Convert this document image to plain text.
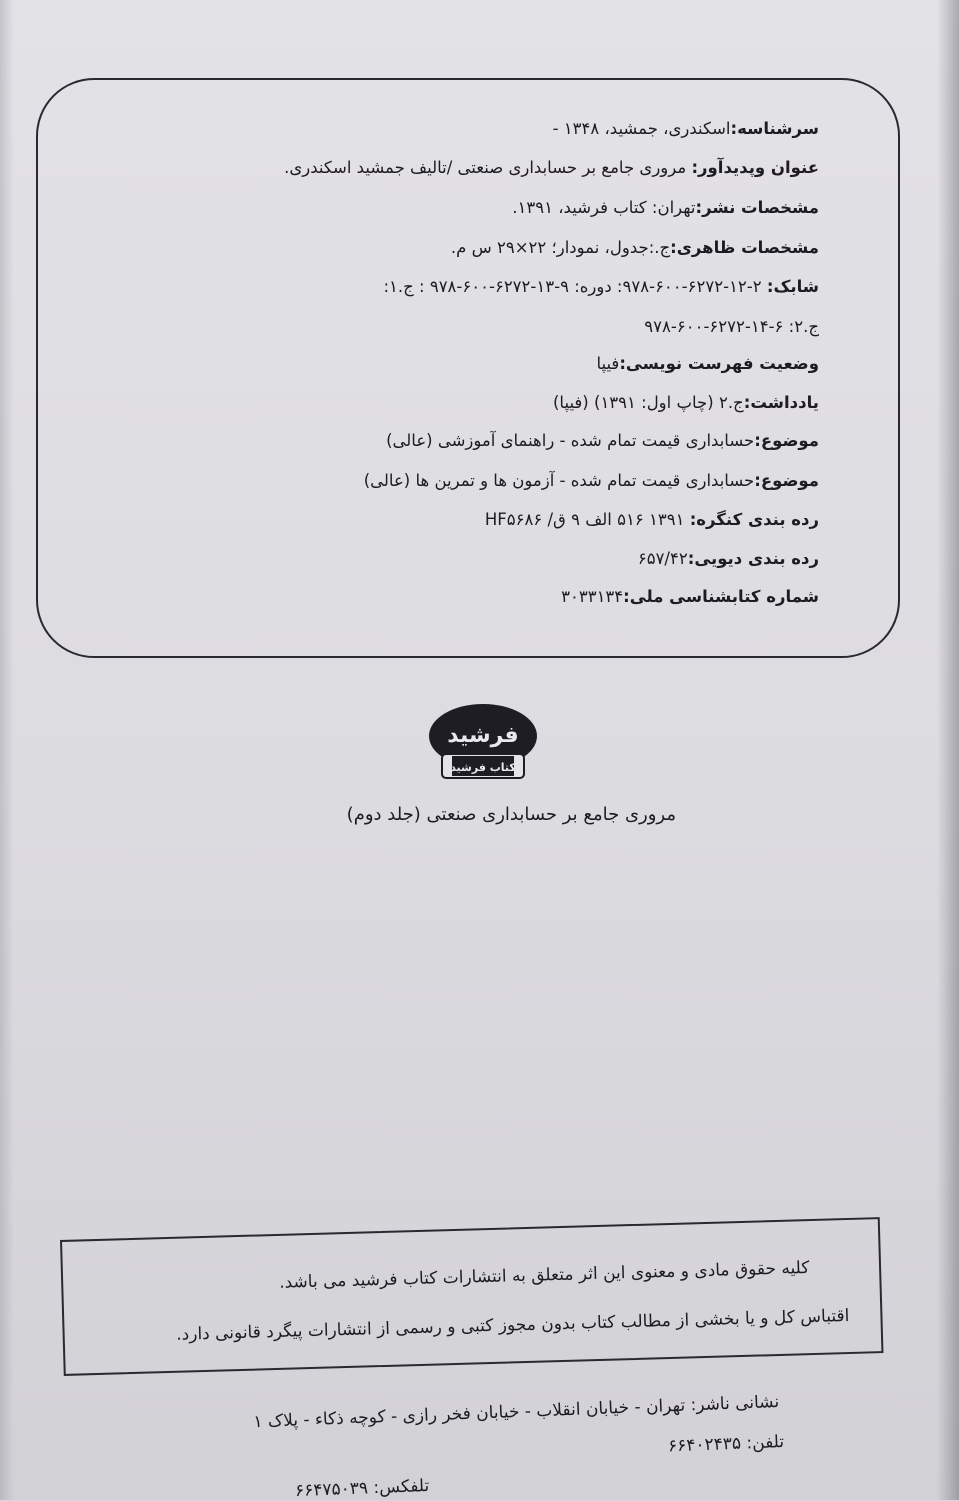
سرشناسه:اسکندری، جمشید، ۱۳۴۸ -
عنوان وپدیدآور: مروری جامع بر حسابداری صنعتی /تالیف جمشید اسکندری.
مشخصات نشر:تهران: کتاب فرشید، ۱۳۹۱.
مشخصات ظاهری:ج.:جدول، نمودار؛ ۲۲×۲۹ س م.
شابک: ۲-۱۲-۶۲۷۲-۶۰۰-۹۷۸: دوره: ۹-۱۳-۶۲۷۲-۶۰۰-۹۷۸ : ج.۱:
ج.۲: ۶-۱۴-۶۲۷۲-۶۰۰-۹۷۸
وضعیت فهرست نویسی:فیپا
یادداشت:ج.۲ (چاپ اول: ۱۳۹۱) (فیپا)
موضوع:حسابداری قیمت تمام شده - راهنمای آموزشی (عالی)
موضوع:حسابداری قیمت تمام شده - آزمون ها و تمرین ها (عالی)
رده بندی کنگره: ۱۳۹۱ ۵۱۶ الف ۹ ق/ HF۵۶۸۶
رده بندی دیویی:۶۵۷/۴۲
شماره کتابشناسی ملی:۳۰۳۳۱۳۴
فرشید
کتاب فرشید
مروری جامع بر حسابداری صنعتی (جلد دوم)
کلیه حقوق مادی و معنوی این اثر متعلق به انتشارات کتاب فرشید می باشد.
اقتباس کل و یا بخشی از مطالب کتاب بدون مجوز کتبی و رسمی از انتشارات پیگرد قانونی دارد.
نشانی ناشر: تهران - خیابان انقلاب - خیابان فخر رازی - کوچه ذکاء - پلاک ۱
تلفن: ۶۶۴۰۲۴۳۵
تلفکس: ۶۶۴۷۵۰۳۹
